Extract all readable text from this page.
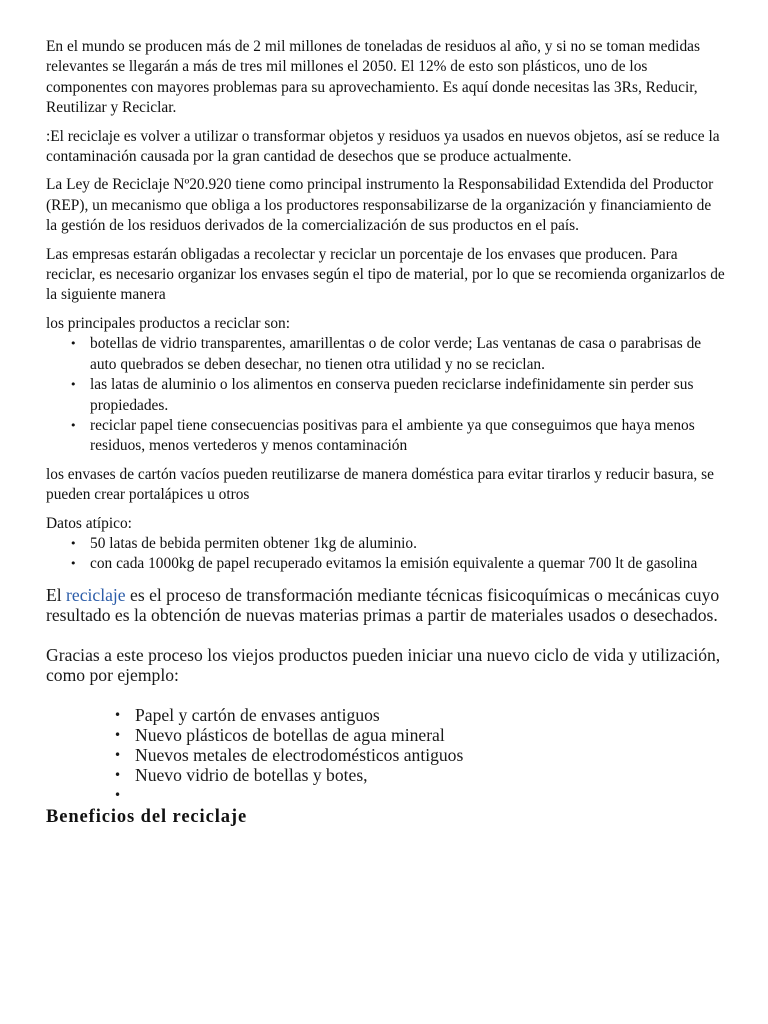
En el mundo se producen más de 2 mil millones de toneladas de residuos al año, y si no se toman medidas relevantes se llegarán a más de tres mil millones el 2050. El 12% de esto son plásticos, uno de los componentes con mayores problemas para su aprovechamiento. Es aquí donde necesitas las 3Rs, Reducir, Reutilizar y Reciclar.

:El reciclaje es volver a utilizar o transformar objetos y residuos ya usados en nuevos objetos, así se reduce la contaminación causada por la gran cantidad de desechos que se produce actualmente.

La Ley de Reciclaje Nº20.920 tiene como principal instrumento la Responsabilidad Extendida del Productor (REP), un mecanismo que obliga a los productores responsabilizarse de la organización y financiamiento de la gestión de los residuos derivados de la comercialización de sus productos en el país.

Las empresas estarán obligadas a recolectar y reciclar un porcentaje de los envases que producen. Para reciclar, es necesario organizar los envases según el tipo de material, por lo que se recomienda organizarlos de la siguiente manera

los principales productos a reciclar son:

• botellas de vidrio transparentes, amarillentas o de color verde; Las ventanas de casa o parabrisas de auto quebrados se deben desechar, no tienen otra utilidad y no se reciclan.
• las latas de aluminio o los alimentos en conserva pueden reciclarse indefinidamente sin perder sus propiedades.
• reciclar papel tiene consecuencias positivas para el ambiente ya que conseguimos que haya menos residuos, menos vertederos y menos contaminación

los envases de cartón vacíos pueden reutilizarse de manera doméstica para evitar tirarlos y reducir basura, se pueden crear portalápices u otros

Datos atípico:

• 50 latas de bebida permiten obtener 1kg de aluminio.
• con cada 1000kg de papel recuperado evitamos la emisión equivalente a quemar 700 lt de gasolina

El reciclaje es el proceso de transformación mediante técnicas fisicoquímicas o mecánicas cuyo resultado es la obtención de nuevas materias primas a partir de materiales usados o desechados.

Gracias a este proceso los viejos productos pueden iniciar una nuevo ciclo de vida y utilización, como por ejemplo:

• Papel y cartón de envases antiguos
• Nuevo plásticos de botellas de agua mineral
• Nuevos metales de electrodomésticos antiguos
• Nuevo vidrio de botellas y botes,
•
Beneficios del reciclaje
